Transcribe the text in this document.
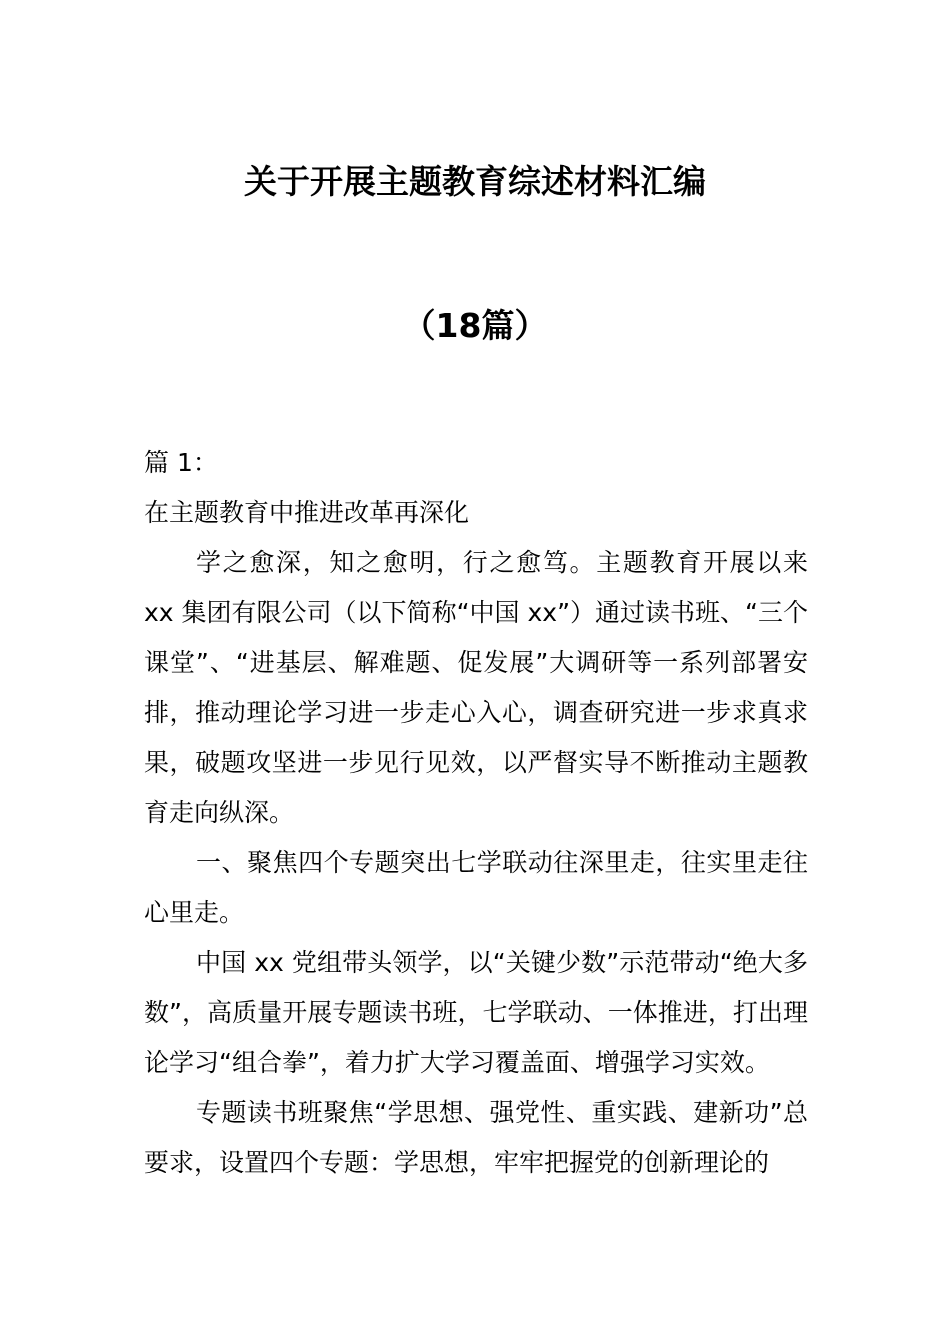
关于开展主题教育综述材料汇编
（18篇）

篇 1：

在主题教育中推进改革再深化

学之愈深，知之愈明，行之愈笃。主题教育开展以来 xx 集团有限公司（以下简称“中国 xx”）通过读书班、“三个课堂”、“进基层、解难题、促发展”大调研等一系列部署安排，推动理论学习进一步走心入心，调查研究进一步求真求果，破题攻坚进一步见行见效，以严督实导不断推动主题教育走向纵深。

一、聚焦四个专题突出七学联动往深里走，往实里走往心里走。

中国 xx 党组带头领学，以“关键少数”示范带动“绝大多数”，高质量开展专题读书班，七学联动、一体推进，打出理论学习“组合拳”，着力扩大学习覆盖面、增强学习实效。

专题读书班聚焦“学思想、强党性、重实践、建新功”总要求，设置四个专题：学思想，牢牢把握党的创新理论的
